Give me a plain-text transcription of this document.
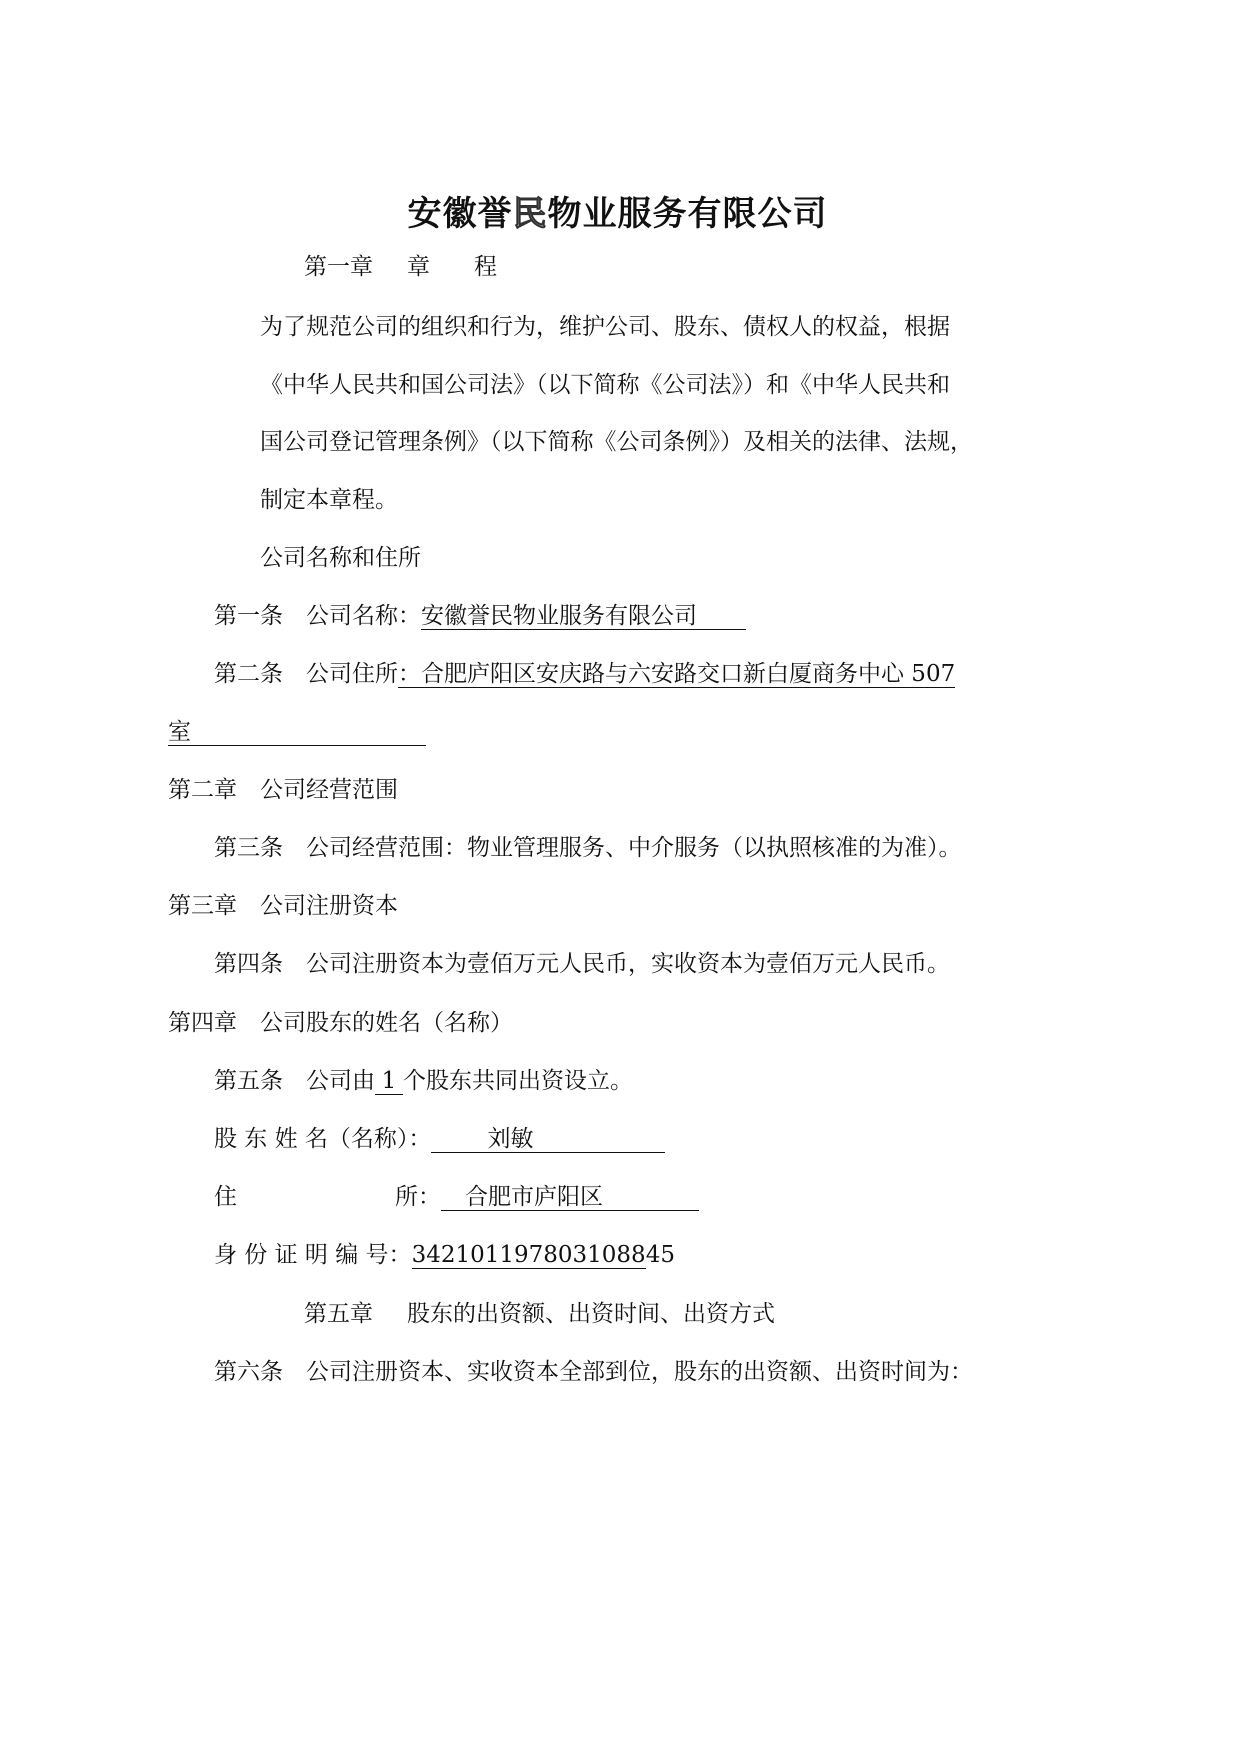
安徽誉民物业服务有限公司
第一章 章 程
为了规范公司的组织和行为，维护公司、股东、债权人的权益，根据
《中华人民共和国公司法》（以下简称《公司法》）和《中华人民共和
国公司登记管理条例》（以下简称《公司条例》）及相关的法律、法规，
制定本章程。
公司名称和住所
第一条 公司名称：安徽誉民物业服务有限公司
第二条 公司住所：合肥庐阳区安庆路与六安路交口新白厦商务中心 507
室
第二章 公司经营范围
第三条 公司经营范围：物业管理服务、中介服务（以执照核准的为准）。
第三章 公司注册资本
第四条 公司注册资本为壹佰万元人民币，实收资本为壹佰万元人民币。
第四章 公司股东的姓名（名称）
第五条 公司由 1 个股东共同出资设立。
股 东 姓 名（名称）： 刘敏
住	所： 合肥市庐阳区
身 份 证 明 编 号：342101197803108845
第五章 股东的出资额、出资时间、出资方式
第六条 公司注册资本、实收资本全部到位，股东的出资额、出资时间为：
